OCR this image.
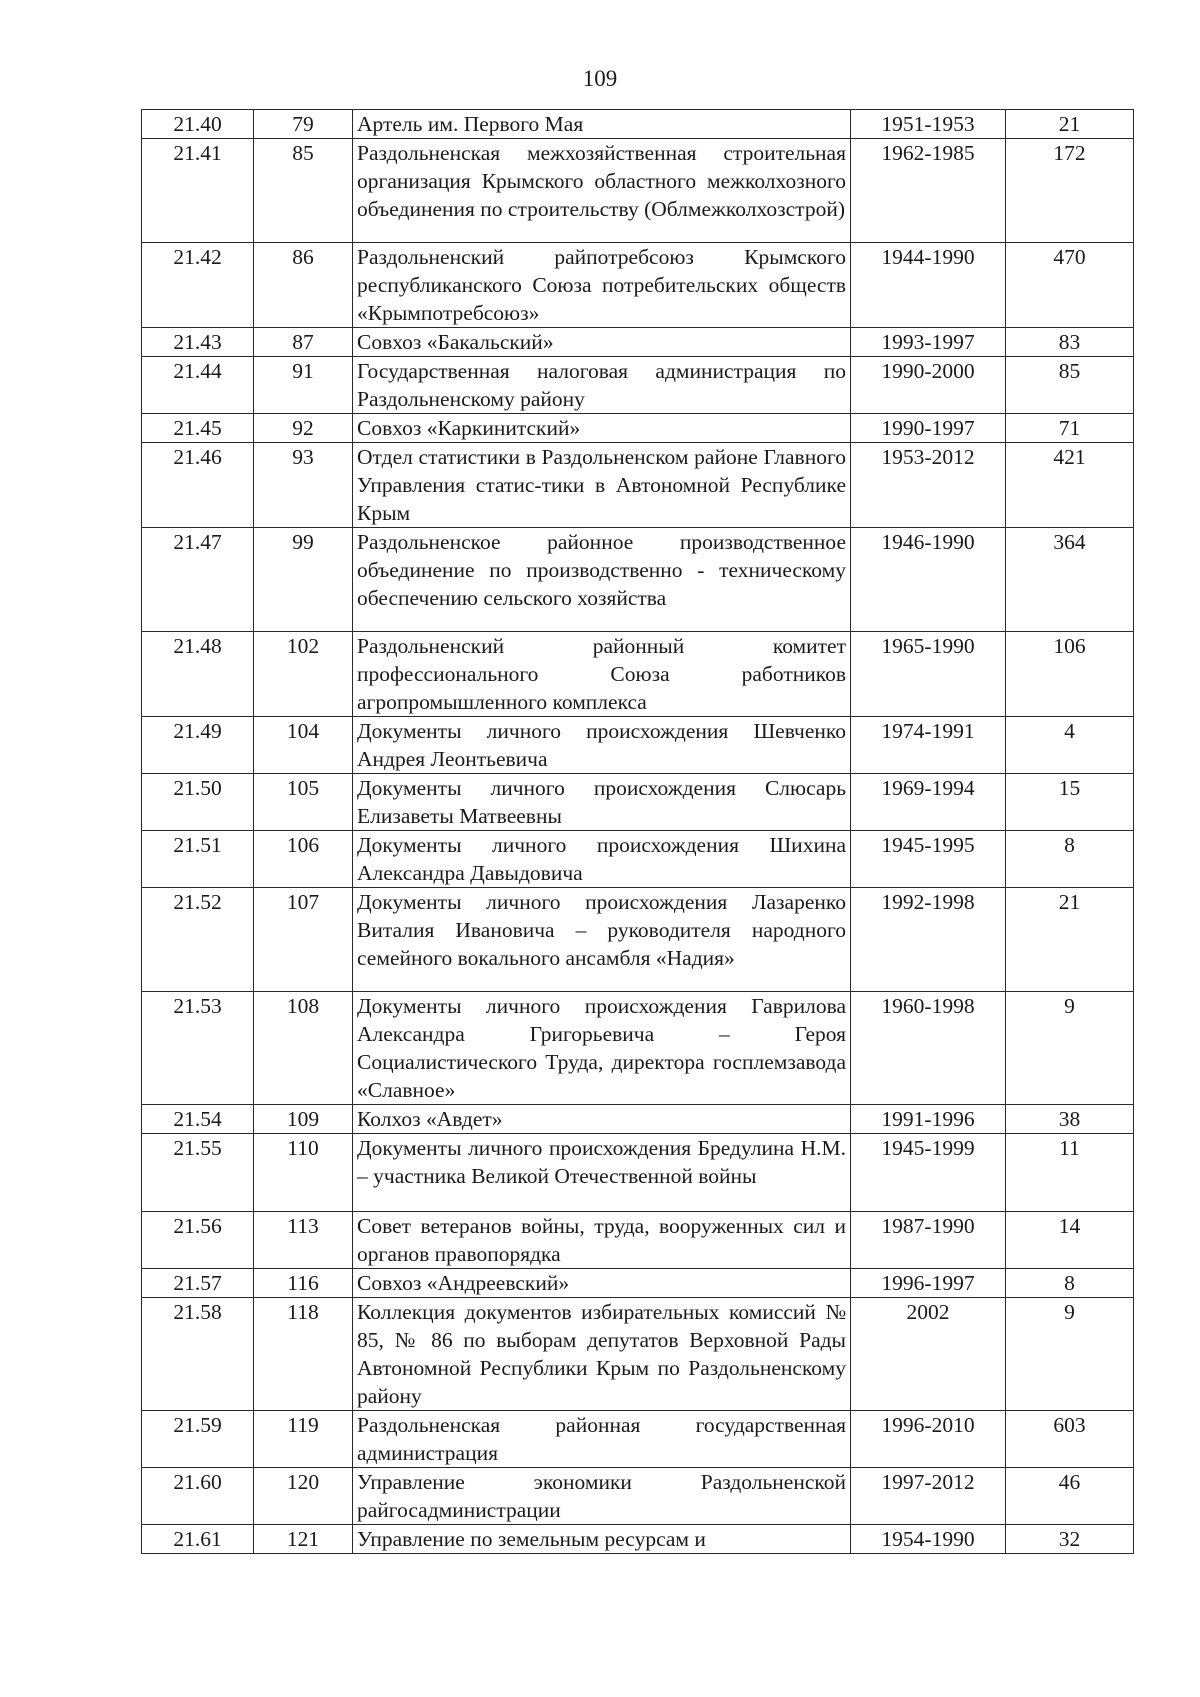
109
21.40	79	Артель им. Первого Мая	1951-1953	21
21.41	85	Раздольненская межхозяйственная строительная организация Крымского областного межколхозного объединения по строительству (Облмежколхозстрой)	1962-1985	172
21.42	86	Раздольненский райпотребсоюз Крымского республиканского Союза потребительских обществ «Крымпотребсоюз»	1944-1990	470
21.43	87	Совхоз «Бакальский»	1993-1997	83
21.44	91	Государственная налоговая администрация по Раздольненскому району	1990-2000	85
21.45	92	Совхоз «Каркинитский»	1990-1997	71
21.46	93	Отдел статистики в Раздольненском районе Главного Управления статис-тики в Автономной Республике Крым	1953-2012	421
21.47	99	Раздольненское районное производственное объединение по производственно - техническому обеспечению сельского хозяйства	1946-1990	364
21.48	102	Раздольненский районный комитет профессионального Союза работников агропромышленного комплекса	1965-1990	106
21.49	104	Документы личного происхождения Шевченко Андрея Леонтьевича	1974-1991	4
21.50	105	Документы личного происхождения Слюсарь Елизаветы Матвеевны	1969-1994	15
21.51	106	Документы личного происхождения Шихина Александра Давыдовича	1945-1995	8
21.52	107	Документы личного происхождения Лазаренко Виталия Ивановича – руководителя народного семейного вокального ансамбля «Надия»	1992-1998	21
21.53	108	Документы личного происхождения Гаврилова Александра Григорьевича – Героя Социалистического Труда, директора госплемзавода «Славное»	1960-1998	9
21.54	109	Колхоз «Авдет»	1991-1996	38
21.55	110	Документы личного происхождения Бредулина Н.М. – участника Великой Отечественной войны	1945-1999	11
21.56	113	Совет ветеранов войны, труда, вооруженных сил и органов правопорядка	1987-1990	14
21.57	116	Совхоз «Андреевский»	1996-1997	8
21.58	118	Коллекция документов избирательных комиссий № 85, № 86 по выборам депутатов Верховной Рады Автономной Республики Крым по Раздольненскому району	2002	9
21.59	119	Раздольненская районная государственная администрация	1996-2010	603
21.60	120	Управление экономики Раздольненской райгосадминистрации	1997-2012	46
21.61	121	Управление по земельным ресурсам и	1954-1990	32
